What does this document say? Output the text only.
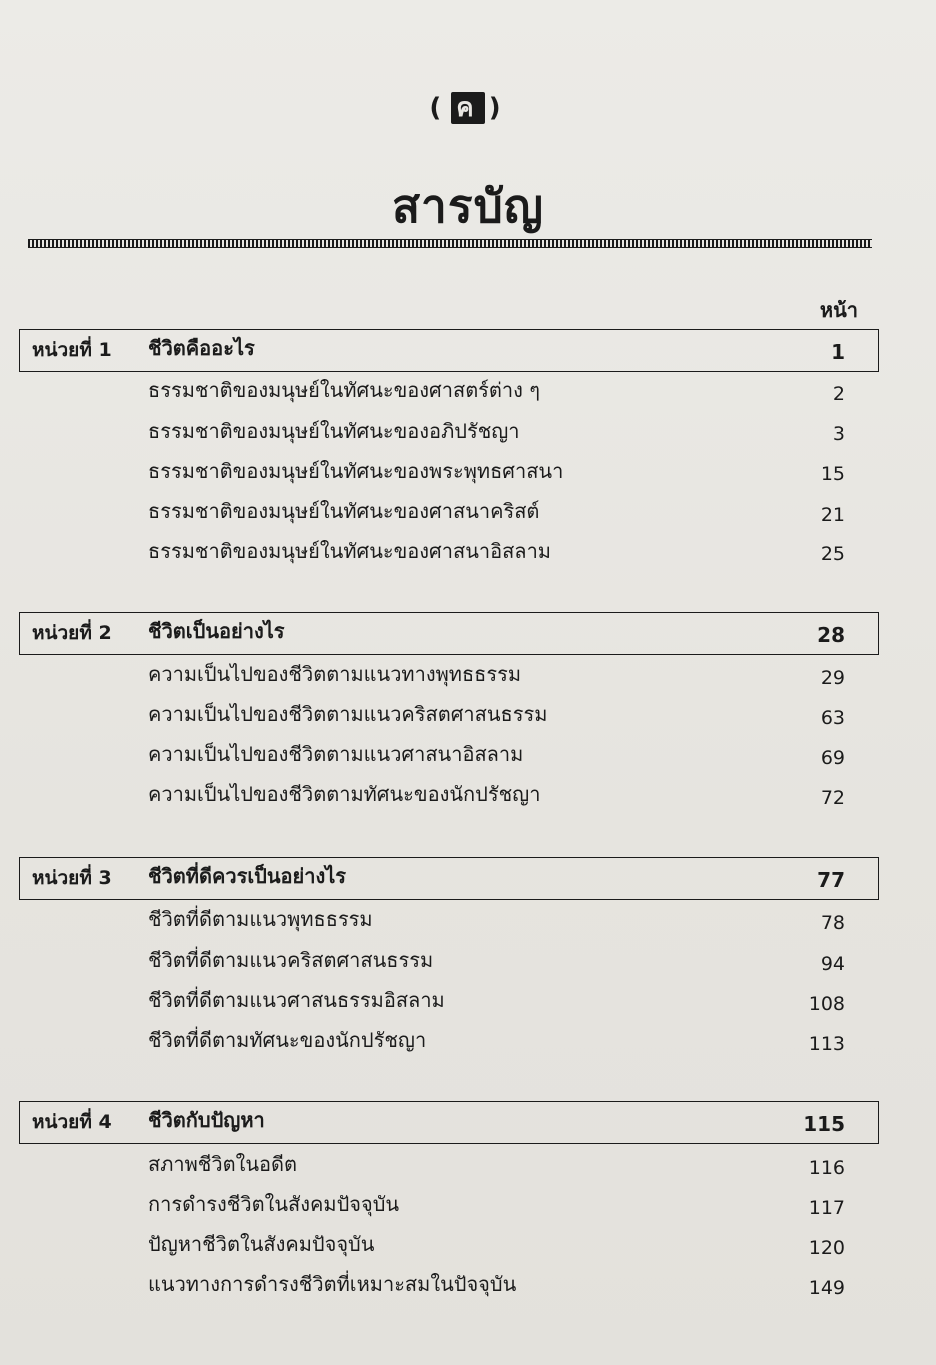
( ค )
สารบัญ
หน้า
หน่วยที่ 1 ชีวิตคืออะไร	1
ธรรมชาติของมนุษย์ในทัศนะของศาสตร์ต่าง ๆ	2
ธรรมชาติของมนุษย์ในทัศนะของอภิปรัชญา	3
ธรรมชาติของมนุษย์ในทัศนะของพระพุทธศาสนา	15
ธรรมชาติของมนุษย์ในทัศนะของศาสนาคริสต์	21
ธรรมชาติของมนุษย์ในทัศนะของศาสนาอิสลาม	25
หน่วยที่ 2 ชีวิตเป็นอย่างไร	28
ความเป็นไปของชีวิตตามแนวทางพุทธธรรม	29
ความเป็นไปของชีวิตตามแนวคริสตศาสนธรรม	63
ความเป็นไปของชีวิตตามแนวศาสนาอิสลาม	69
ความเป็นไปของชีวิตตามทัศนะของนักปรัชญา	72
หน่วยที่ 3 ชีวิตที่ดีควรเป็นอย่างไร	77
ชีวิตที่ดีตามแนวพุทธธรรม	78
ชีวิตที่ดีตามแนวคริสตศาสนธรรม	94
ชีวิตที่ดีตามแนวศาสนธรรมอิสลาม	108
ชีวิตที่ดีตามทัศนะของนักปรัชญา	113
หน่วยที่ 4 ชีวิตกับปัญหา	115
สภาพชีวิตในอดีต	116
การดำรงชีวิตในสังคมปัจจุบัน	117
ปัญหาชีวิตในสังคมปัจจุบัน	120
แนวทางการดำรงชีวิตที่เหมาะสมในปัจจุบัน	149
